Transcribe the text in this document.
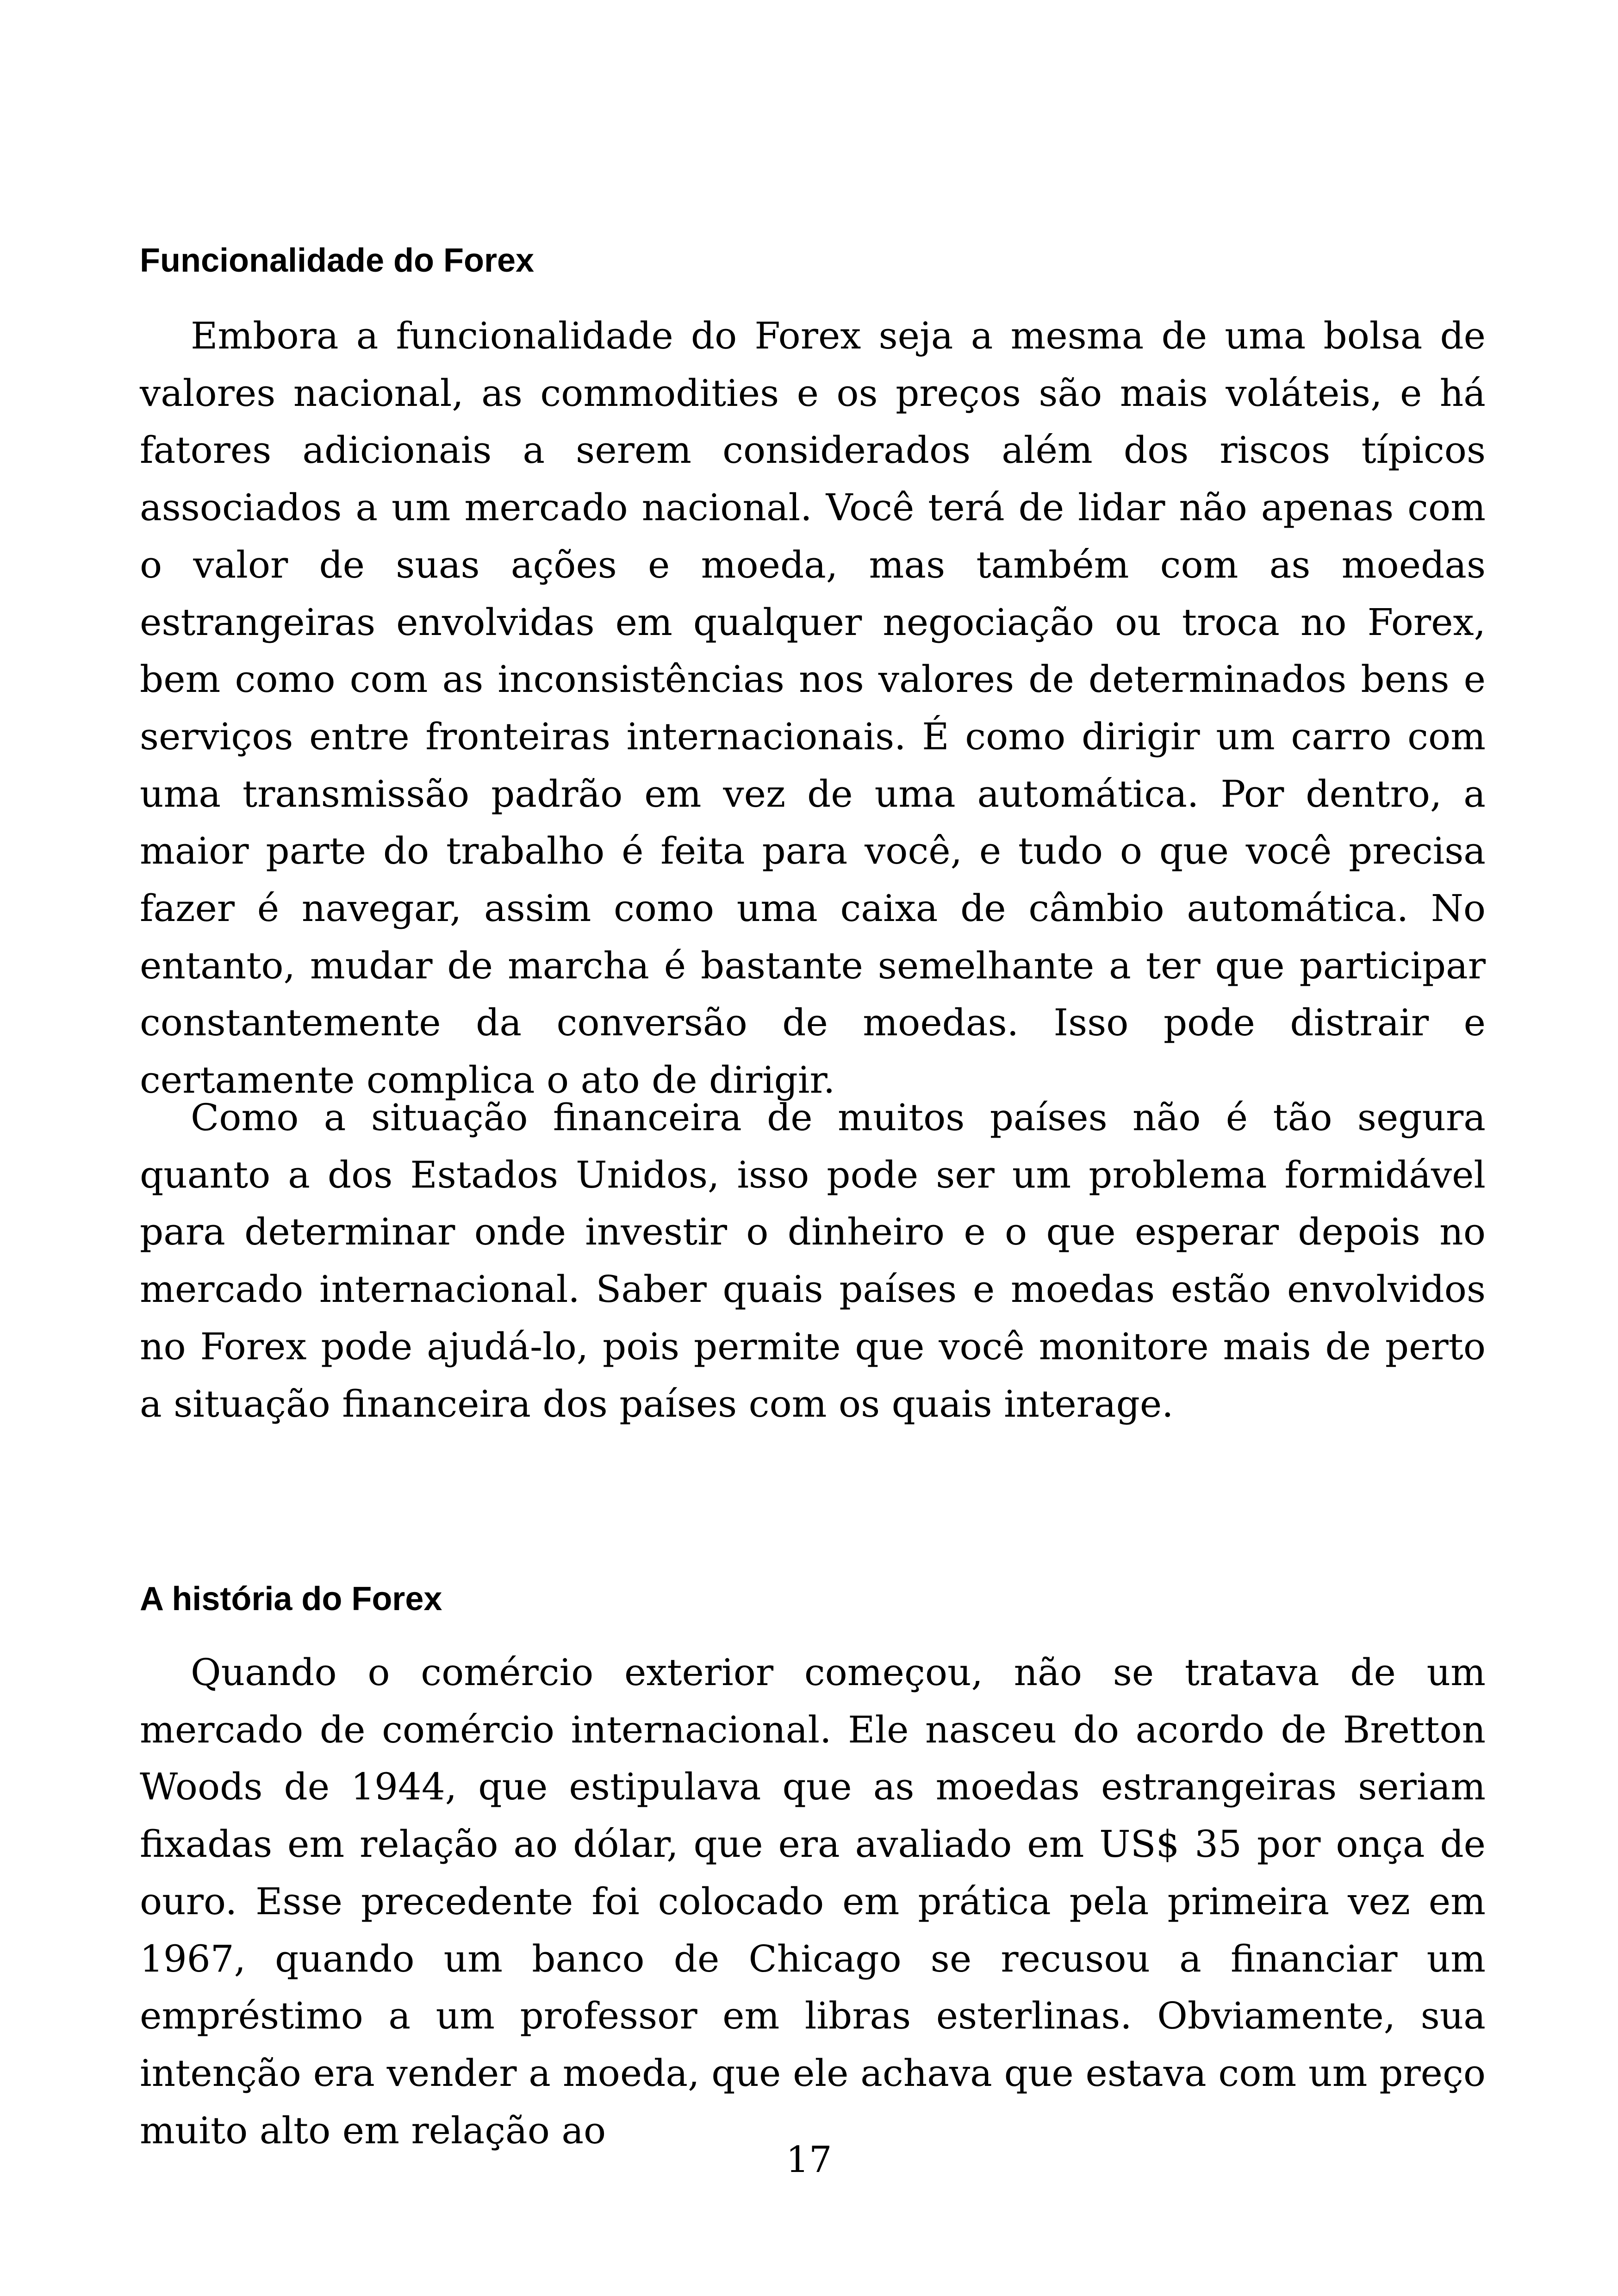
Funcionalidade do Forex

Embora a funcionalidade do Forex seja a mesma de uma bolsa de valores nacional, as commodities e os preços são mais voláteis, e há fatores adicionais a serem considerados além dos riscos típicos associados a um mercado nacional. Você terá de lidar não apenas com o valor de suas ações e moeda, mas também com as moedas estrangeiras envolvidas em qualquer negociação ou troca no Forex, bem como com as inconsistências nos valores de determinados bens e serviços entre fronteiras internacionais. É como dirigir um carro com uma transmissão padrão em vez de uma automática. Por dentro, a maior parte do trabalho é feita para você, e tudo o que você precisa fazer é navegar, assim como uma caixa de câmbio automática. No entanto, mudar de marcha é bastante semelhante a ter que participar constantemente da conversão de moedas. Isso pode distrair e certamente complica o ato de dirigir.

Como a situação financeira de muitos países não é tão segura quanto a dos Estados Unidos, isso pode ser um problema formidável para determinar onde investir o dinheiro e o que esperar depois no mercado internacional. Saber quais países e moedas estão envolvidos no Forex pode ajudá-lo, pois permite que você monitore mais de perto a situação financeira dos países com os quais interage.

A história do Forex

Quando o comércio exterior começou, não se tratava de um mercado de comércio internacional. Ele nasceu do acordo de Bretton Woods de 1944, que estipulava que as moedas estrangeiras seriam fixadas em relação ao dólar, que era avaliado em US$ 35 por onça de ouro. Esse precedente foi colocado em prática pela primeira vez em 1967, quando um banco de Chicago se recusou a financiar um empréstimo a um professor em libras esterlinas. Obviamente, sua intenção era vender a moeda, que ele achava que estava com um preço muito alto em relação ao

17
